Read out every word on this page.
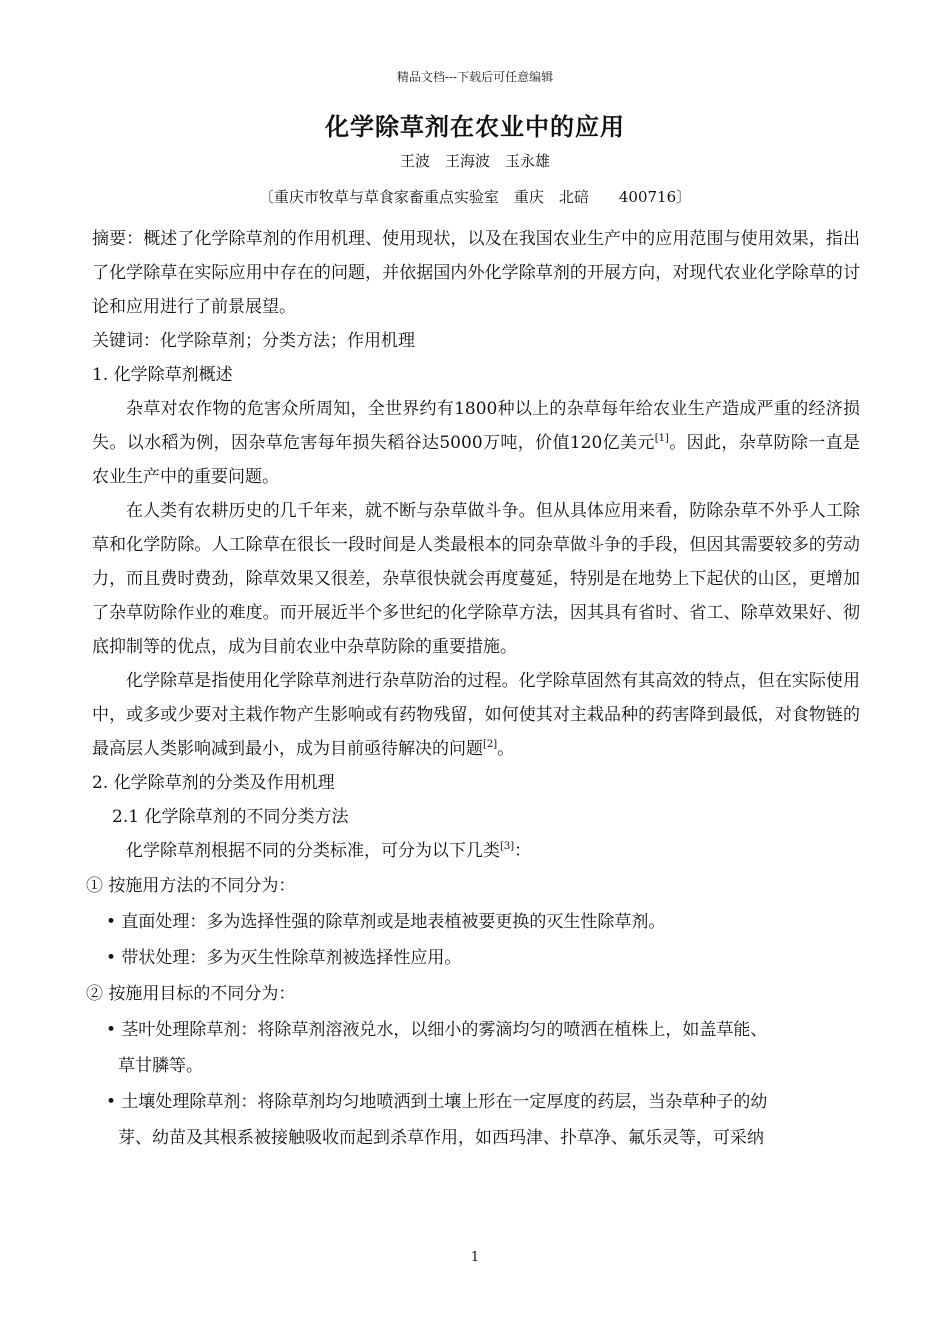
精品文档---下载后可任意编辑
化学除草剂在农业中的应用
王波　王海波　玉永雄
〔重庆市牧草与草食家畜重点实验室　重庆　北碚　　400716〕

摘要：概述了化学除草剂的作用机理、使用现状，以及在我国农业生产中的应用范围与使用效果，指出了化学除草在实际应用中存在的问题，并依据国内外化学除草剂的开展方向，对现代农业化学除草的讨论和应用进行了前景展望。

关键词：化学除草剂；分类方法；作用机理

1. 化学除草剂概述

杂草对农作物的危害众所周知，全世界约有1800种以上的杂草每年给农业生产造成严重的经济损失。以水稻为例，因杂草危害每年损失稻谷达5000万吨，价值120亿美元[1]。因此，杂草防除一直是农业生产中的重要问题。

在人类有农耕历史的几千年来，就不断与杂草做斗争。但从具体应用来看，防除杂草不外乎人工除草和化学防除。人工除草在很长一段时间是人类最根本的同杂草做斗争的手段，但因其需要较多的劳动力，而且费时费劲，除草效果又很差，杂草很快就会再度蔓延，特别是在地势上下起伏的山区，更增加了杂草防除作业的难度。而开展近半个多世纪的化学除草方法，因其具有省时、省工、除草效果好、彻底抑制等的优点，成为目前农业中杂草防除的重要措施。

化学除草是指使用化学除草剂进行杂草防治的过程。化学除草固然有其高效的特点，但在实际使用中，或多或少要对主栽作物产生影响或有药物残留，如何使其对主栽品种的药害降到最低，对食物链的最高层人类影响减到最小，成为目前亟待解决的问题[2]。

2. 化学除草剂的分类及作用机理

2.1 化学除草剂的不同分类方法

化学除草剂根据不同的分类标准，可分为以下几类[3]：

① 按施用方法的不同分为：

• 直面处理：多为选择性强的除草剂或是地表植被要更换的灭生性除草剂。

• 带状处理：多为灭生性除草剂被选择性应用。

② 按施用目标的不同分为：

• 茎叶处理除草剂：将除草剂溶液兑水，以细小的雾滴均匀的喷洒在植株上，如盖草能、

草甘膦等。

• 土壤处理除草剂：将除草剂均匀地喷洒到土壤上形在一定厚度的药层，当杂草种子的幼

芽、幼苗及其根系被接触吸收而起到杀草作用，如西玛津、扑草净、氟乐灵等，可采纳

1
